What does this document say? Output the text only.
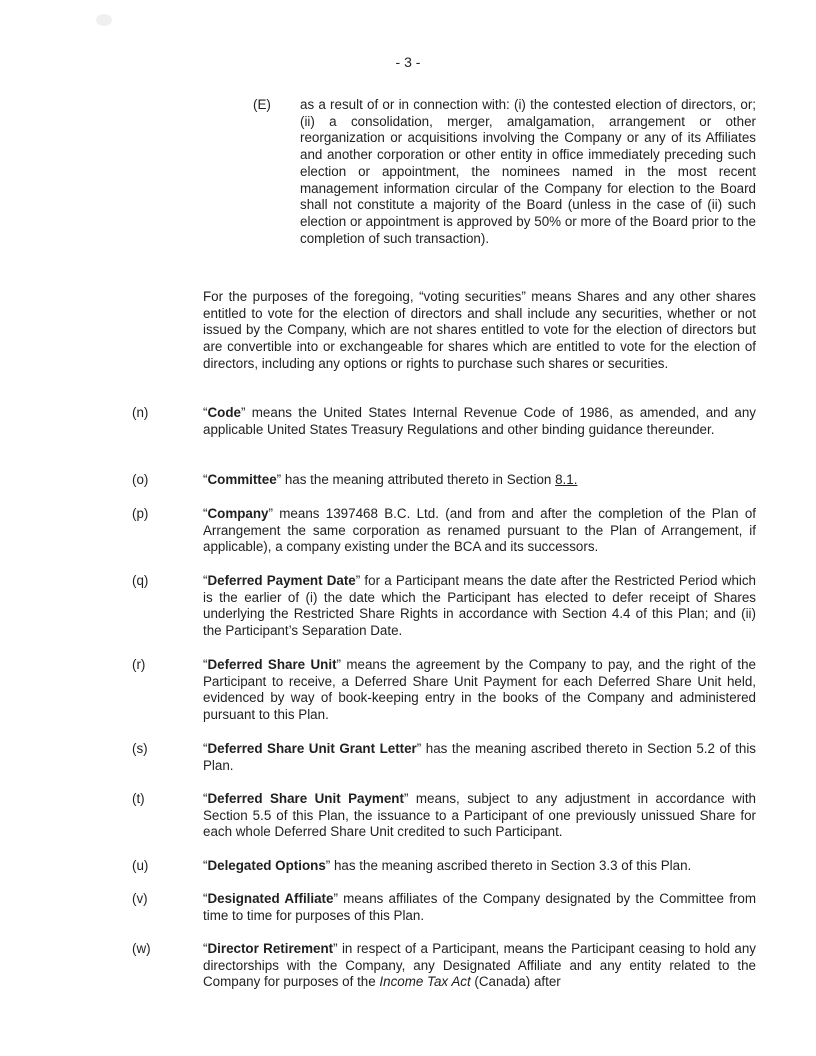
- 3 -
(E) as a result of or in connection with: (i) the contested election of directors, or; (ii) a consolidation, merger, amalgamation, arrangement or other reorganization or acquisitions involving the Company or any of its Affiliates and another corporation or other entity in office immediately preceding such election or appointment, the nominees named in the most recent management information circular of the Company for election to the Board shall not constitute a majority of the Board (unless in the case of (ii) such election or appointment is approved by 50% or more of the Board prior to the completion of such transaction).

For the purposes of the foregoing, “voting securities” means Shares and any other shares entitled to vote for the election of directors and shall include any securities, whether or not issued by the Company, which are not shares entitled to vote for the election of directors but are convertible into or exchangeable for shares which are entitled to vote for the election of directors, including any options or rights to purchase such shares or securities.

(n)	“Code” means the United States Internal Revenue Code of 1986, as amended, and any applicable United States Treasury Regulations and other binding guidance thereunder.

(o)	“Committee” has the meaning attributed thereto in Section 8.1.

(p)	“Company” means 1397468 B.C. Ltd. (and from and after the completion of the Plan of Arrangement the same corporation as renamed pursuant to the Plan of Arrangement, if applicable), a company existing under the BCA and its successors.

(q)	“Deferred Payment Date” for a Participant means the date after the Restricted Period which is the earlier of (i) the date which the Participant has elected to defer receipt of Shares underlying the Restricted Share Rights in accordance with Section 4.4 of this Plan; and (ii) the Participant’s Separation Date.

(r)	“Deferred Share Unit” means the agreement by the Company to pay, and the right of the Participant to receive, a Deferred Share Unit Payment for each Deferred Share Unit held, evidenced by way of book-keeping entry in the books of the Company and administered pursuant to this Plan.

(s)	“Deferred Share Unit Grant Letter” has the meaning ascribed thereto in Section 5.2 of this Plan.

(t)	“Deferred Share Unit Payment” means, subject to any adjustment in accordance with Section 5.5 of this Plan, the issuance to a Participant of one previously unissued Share for each whole Deferred Share Unit credited to such Participant.

(u)	“Delegated Options” has the meaning ascribed thereto in Section 3.3 of this Plan.

(v)	“Designated Affiliate” means affiliates of the Company designated by the Committee from time to time for purposes of this Plan.

(w)	“Director Retirement” in respect of a Participant, means the Participant ceasing to hold any directorships with the Company, any Designated Affiliate and any entity related to the Company for purposes of the Income Tax Act (Canada) after
